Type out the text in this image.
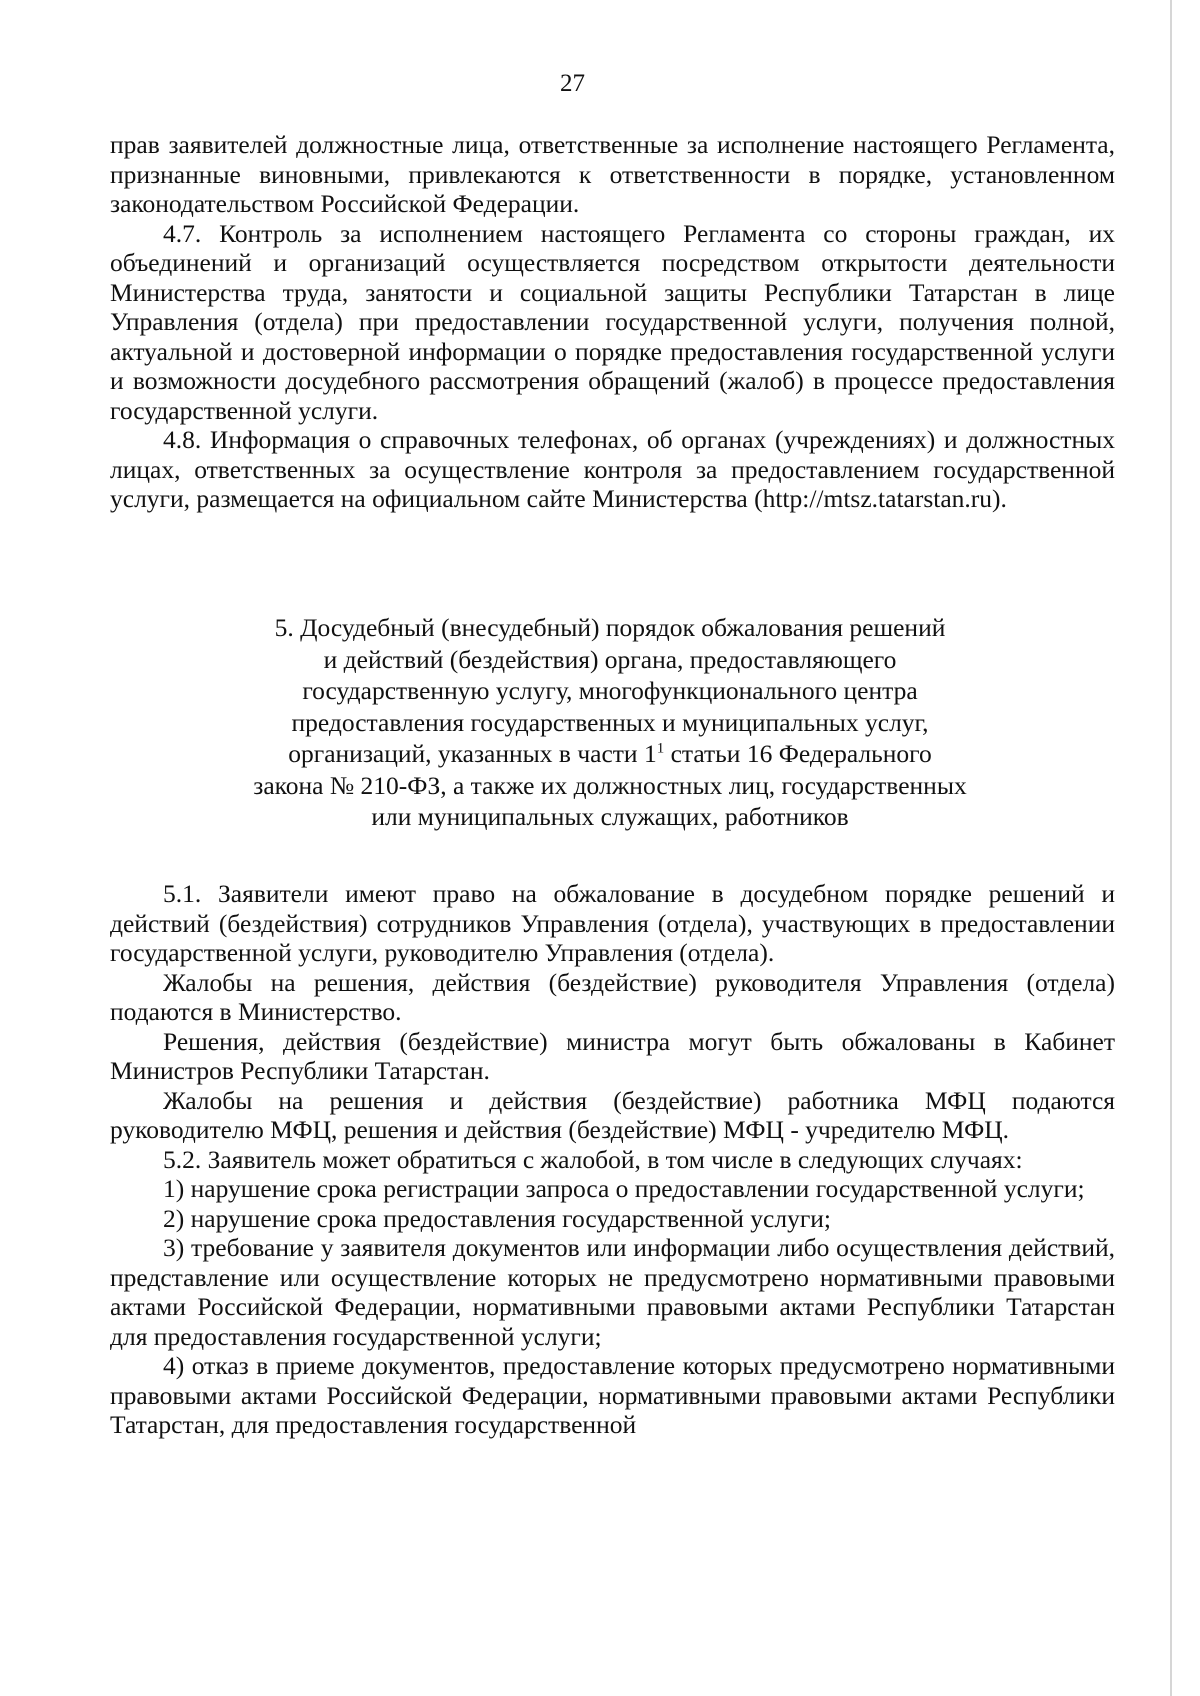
27

прав заявителей должностные лица, ответственные за исполнение настоящего Регламента, признанные виновными, привлекаются к ответственности в порядке, установленном законодательством Российской Федерации.

4.7. Контроль за исполнением настоящего Регламента со стороны граждан, их объединений и организаций осуществляется посредством открытости деятельности Министерства труда, занятости и социальной защиты Республики Татарстан в лице Управления (отдела) при предоставлении государственной услуги, получения полной, актуальной и достоверной информации о порядке предоставления государственной услуги и возможности досудебного рассмотрения обращений (жалоб) в процессе предоставления государственной услуги.

4.8. Информация о справочных телефонах, об органах (учреждениях) и должностных лицах, ответственных за осуществление контроля за предоставлением государственной услуги, размещается на официальном сайте Министерства (http://mtsz.tatarstan.ru).

5. Досудебный (внесудебный) порядок обжалования решений
и действий (бездействия) органа, предоставляющего
государственную услугу, многофункционального центра
предоставления государственных и муниципальных услуг,
организаций, указанных в части $1^1$ статьи 16 Федерального
закона № 210-ФЗ, а также их должностных лиц, государственных
или муниципальных служащих, работников

5.1. Заявители имеют право на обжалование в досудебном порядке решений и действий (бездействия) сотрудников Управления (отдела), участвующих в предоставлении государственной услуги, руководителю Управления (отдела).

Жалобы на решения, действия (бездействие) руководителя Управления (отдела) подаются в Министерство.

Решения, действия (бездействие) министра могут быть обжалованы в Кабинет Министров Республики Татарстан.

Жалобы на решения и действия (бездействие) работника МФЦ подаются руководителю МФЦ, решения и действия (бездействие) МФЦ - учредителю МФЦ.

5.2. Заявитель может обратиться с жалобой, в том числе в следующих случаях:

1) нарушение срока регистрации запроса о предоставлении государственной услуги;

2) нарушение срока предоставления государственной услуги;

3) требование у заявителя документов или информации либо осуществления действий, представление или осуществление которых не предусмотрено нормативными правовыми актами Российской Федерации, нормативными правовыми актами Республики Татарстан для предоставления государственной услуги;

4) отказ в приеме документов, предоставление которых предусмотрено нормативными правовыми актами Российской Федерации, нормативными правовыми актами Республики Татарстан, для предоставления государственной
